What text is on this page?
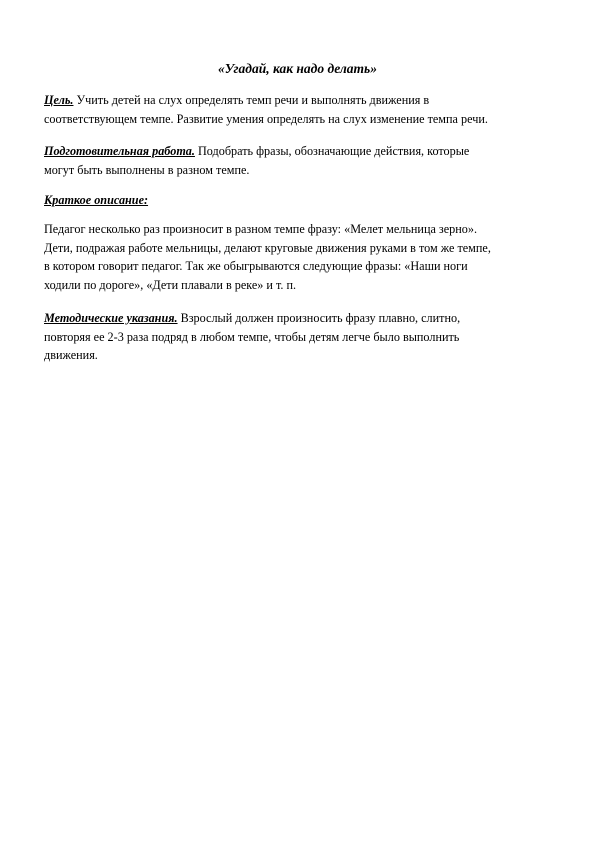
«Угадай, как надо делать»
Цель. Учить детей на слух определять темп речи и выполнять движения в
соответствующем темпе. Развитие умения определять на слух изменение темпа речи.
Подготовительная работа. Подобрать фразы, обозначающие действия, которые
могут быть выполнены в разном темпе.
Краткое описание:
Педагог несколько раз произносит в разном темпе фразу: «Мелет мельница зерно».
Дети, подражая работе мельницы, делают круговые движения руками в том же темпе,
в котором говорит педагог. Так же обыгрываются следующие фразы: «Наши ноги
ходили по дороге», «Дети плавали в реке» и т. п.
Методические указания. Взрослый должен произносить фразу плавно, слитно,
повторяя ее 2-3 раза подряд в любом темпе, чтобы детям легче было выполнить
движения.
